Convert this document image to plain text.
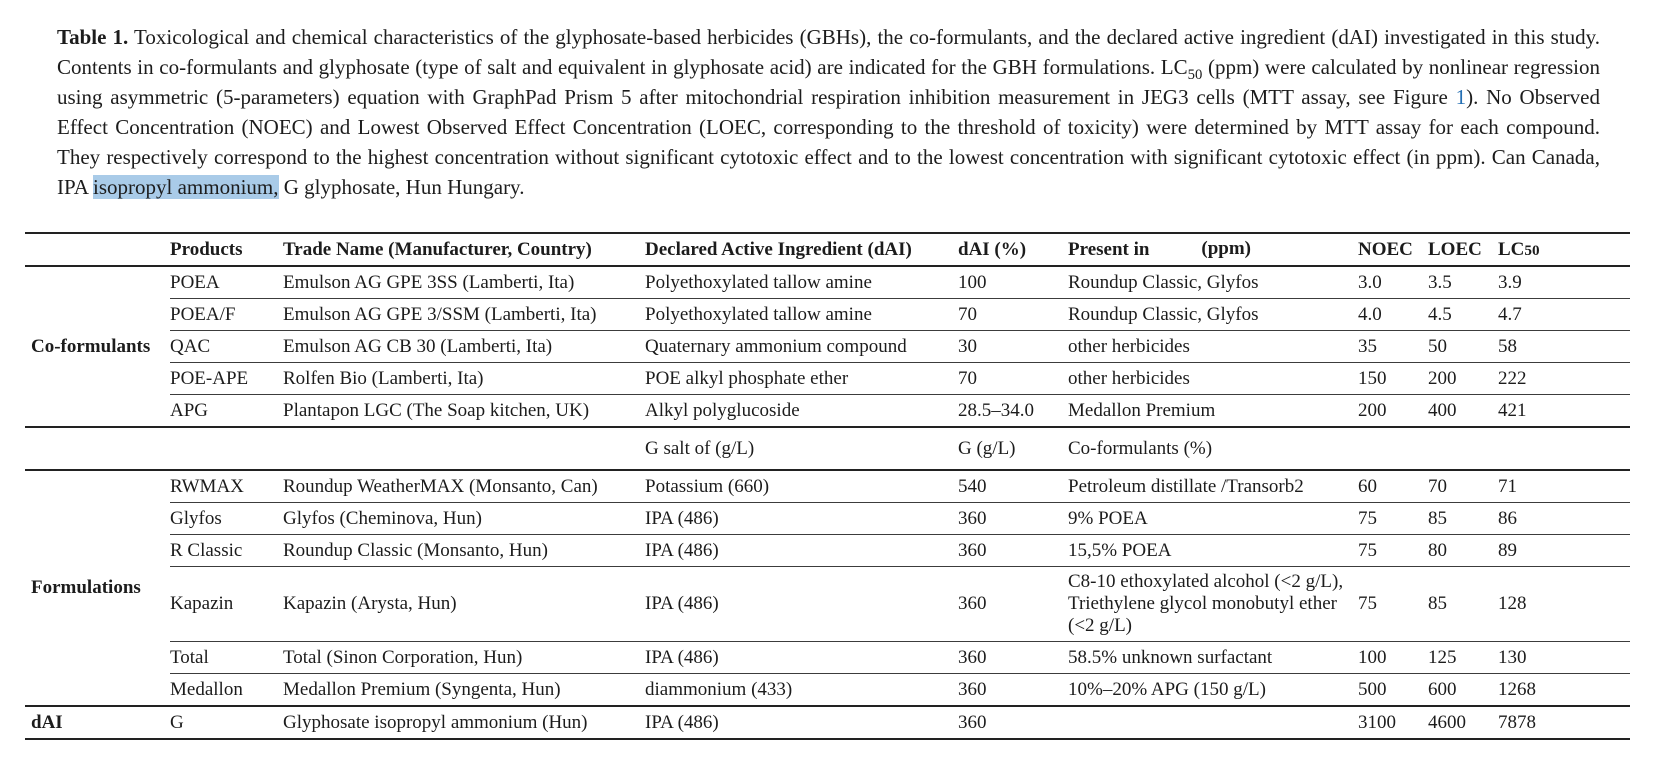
Table 1. Toxicological and chemical characteristics of the glyphosate-based herbicides (GBHs), the co-formulants, and the declared active ingredient (dAI) investigated in this study. Contents in co-formulants and glyphosate (type of salt and equivalent in glyphosate acid) are indicated for the GBH formulations. $LC_{50}$ (ppm) were calculated by nonlinear regression using asymmetric (5-parameters) equation with GraphPad Prism 5 after mitochondrial respiration inhibition measurement in JEG3 cells (MTT assay, see Figure 1). No Observed Effect Concentration (NOEC) and Lowest Observed Effect Concentration (LOEC, corresponding to the threshold of toxicity) were determined by MTT assay for each compound. They respectively correspond to the highest concentration without significant cytotoxic effect and to the lowest concentration with significant cytotoxic effect (in ppm). Can Canada, IPA isopropyl ammonium, G glyphosate, Hun Hungary.

	Products	Trade Name (Manufacturer, Country)	Declared Active Ingredient (dAI)	dAI (%)	Present in (ppm)	NOEC	LOEC	LC50
Co-formulants	POEA	Emulson AG GPE 3SS (Lamberti, Ita)	Polyethoxylated tallow amine	100	Roundup Classic, Glyfos	3.0	3.5	3.9
	POEA/F	Emulson AG GPE 3/SSM (Lamberti, Ita)	Polyethoxylated tallow amine	70	Roundup Classic, Glyfos	4.0	4.5	4.7
	QAC	Emulson AG CB 30 (Lamberti, Ita)	Quaternary ammonium compound	30	other herbicides	35	50	58
	POE-APE	Rolfen Bio (Lamberti, Ita)	POE alkyl phosphate ether	70	other herbicides	150	200	222
	APG	Plantapon LGC (The Soap kitchen, UK)	Alkyl polyglucoside	28.5–34.0	Medallon Premium	200	400	421
			G salt of (g/L)	G (g/L)	Co-formulants (%)			

Formulations	RWMAX	Roundup WeatherMAX (Monsanto, Can)	Potassium (660)	540	Petroleum distillate /Transorb2	60	70	71
	Glyfos	Glyfos (Cheminova, Hun)	IPA (486)	360	9% POEA	75	85	86
	R Classic	Roundup Classic (Monsanto, Hun)	IPA (486)	360	15,5% POEA	75	80	89
	Kapazin	Kapazin (Arysta, Hun)	IPA (486)	360	C8-10 ethoxylated alcohol (<2 g/L),
Triethylene glycol monobutyl ether (<2 g/L)	75	85	128
	Total	Total (Sinon Corporation, Hun)	IPA (486)	360	58.5% unknown surfactant	100	125	130
	Medallon	Medallon Premium (Syngenta, Hun)	diammonium (433)	360	10%–20% APG (150 g/L)	500	600	1268
dAI	G	Glyphosate isopropyl ammonium (Hun)	IPA (486)	360		3100	4600	7878
